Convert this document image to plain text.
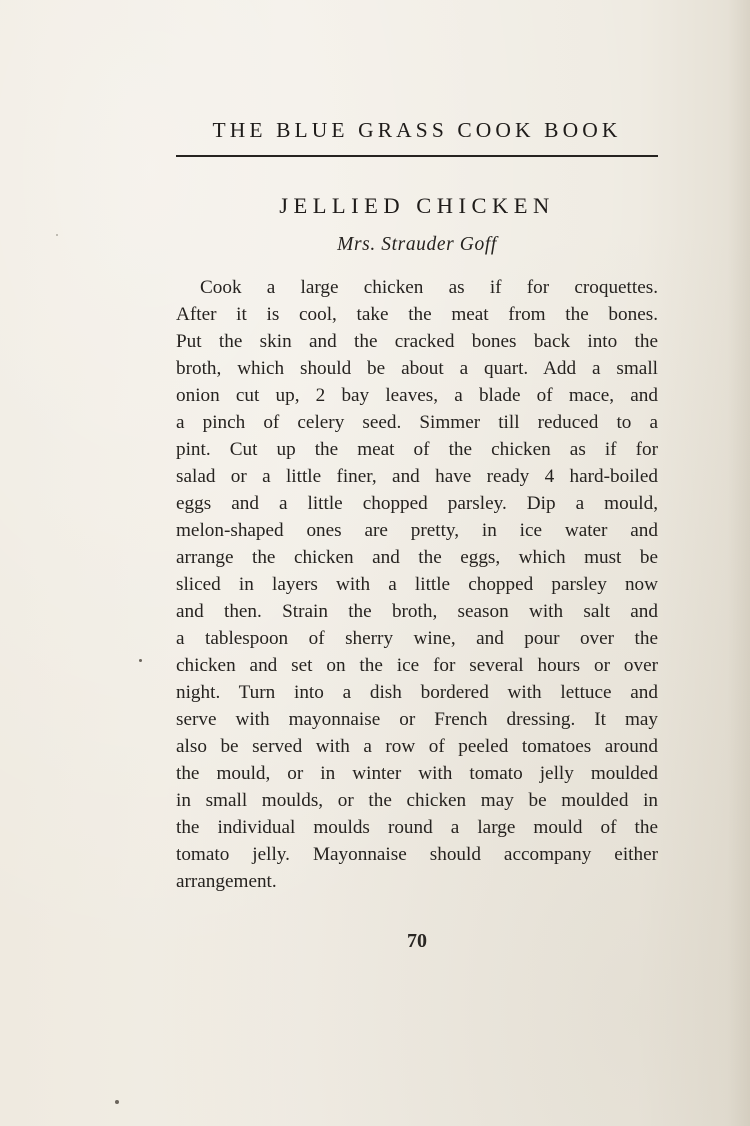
THE BLUE GRASS COOK BOOK
JELLIED CHICKEN
Mrs. Strauder Goff
Cook a large chicken as if for croquettes.
After it is cool, take the meat from the bones.
Put the skin and the cracked bones back into the
broth, which should be about a quart. Add a small
onion cut up, 2 bay leaves, a blade of mace, and
a pinch of celery seed. Simmer till reduced to a
pint. Cut up the meat of the chicken as if for
salad or a little finer, and have ready 4 hard-boiled
eggs and a little chopped parsley. Dip a mould,
melon-shaped ones are pretty, in ice water and
arrange the chicken and the eggs, which must be
sliced in layers with a little chopped parsley now
and then. Strain the broth, season with salt and
a tablespoon of sherry wine, and pour over the
chicken and set on the ice for several hours or over
night. Turn into a dish bordered with lettuce and
serve with mayonnaise or French dressing. It may
also be served with a row of peeled tomatoes around
the mould, or in winter with tomato jelly moulded
in small moulds, or the chicken may be moulded in
the individual moulds round a large mould of the
tomato jelly. Mayonnaise should accompany either
arrangement.
70
